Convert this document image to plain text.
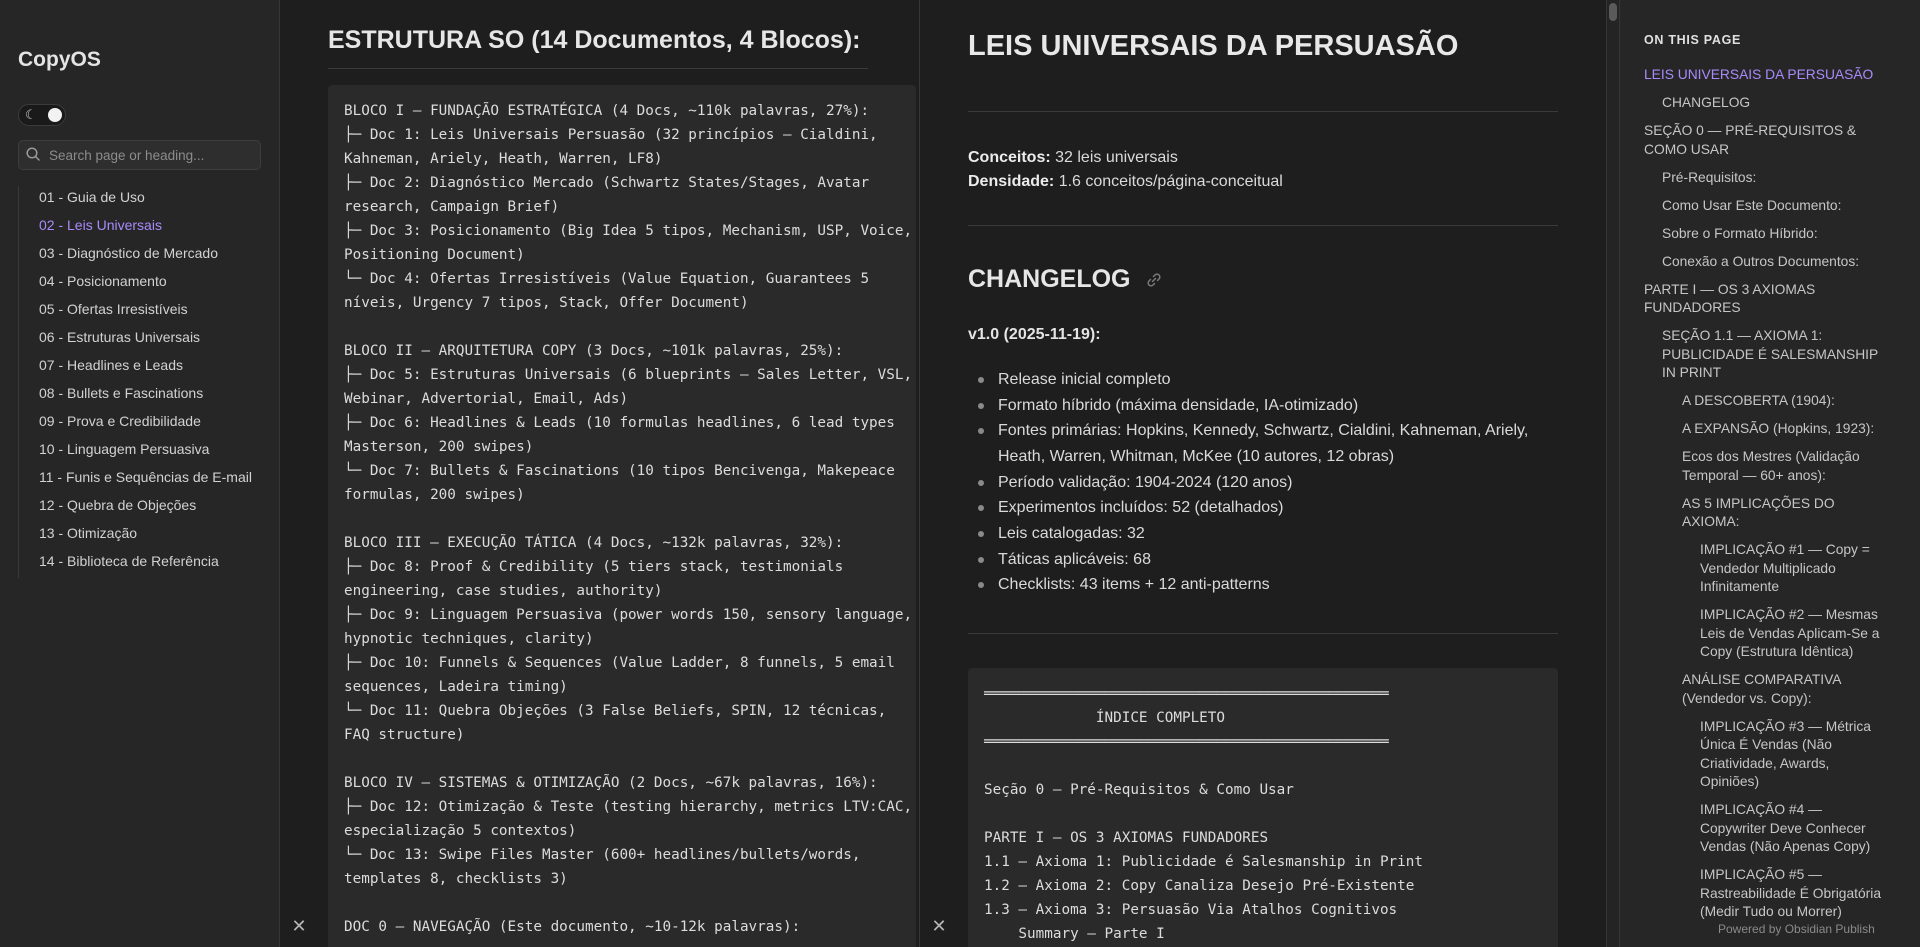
CopyOS
☾
Search page or heading...
01 - Guia de Uso
02 - Leis Universais
03 - Diagnóstico de Mercado
04 - Posicionamento
05 - Ofertas Irresistíveis
06 - Estruturas Universais
07 - Headlines e Leads
08 - Bullets e Fascinations
09 - Prova e Credibilidade
10 - Linguagem Persuasiva
11 - Funis e Sequências de E-mail
12 - Quebra de Objeções
13 - Otimização
14 - Biblioteca de Referência
ESTRUTURA SO (14 Documentos, 4 Blocos):
BLOCO I — FUNDAÇÃO ESTRATÉGICA (4 Docs, ~110k palavras, 27%):
├─ Doc 1: Leis Universais Persuasão (32 princípios — Cialdini,
Kahneman, Ariely, Heath, Warren, LF8)
├─ Doc 2: Diagnóstico Mercado (Schwartz States/Stages, Avatar
research, Campaign Brief)
├─ Doc 3: Posicionamento (Big Idea 5 tipos, Mechanism, USP, Voice,
Positioning Document)
└─ Doc 4: Ofertas Irresistíveis (Value Equation, Guarantees 5
níveis, Urgency 7 tipos, Stack, Offer Document)

BLOCO II — ARQUITETURA COPY (3 Docs, ~101k palavras, 25%):
├─ Doc 5: Estruturas Universais (6 blueprints — Sales Letter, VSL,
Webinar, Advertorial, Email, Ads)
├─ Doc 6: Headlines & Leads (10 formulas headlines, 6 lead types
Masterson, 200 swipes)
└─ Doc 7: Bullets & Fascinations (10 tipos Bencivenga, Makepeace
formulas, 200 swipes)

BLOCO III — EXECUÇÃO TÁTICA (4 Docs, ~132k palavras, 32%):
├─ Doc 8: Proof & Credibility (5 tiers stack, testimonials
engineering, case studies, authority)
├─ Doc 9: Linguagem Persuasiva (power words 150, sensory language,
hypnotic techniques, clarity)
├─ Doc 10: Funnels & Sequences (Value Ladder, 8 funnels, 5 email
sequences, Ladeira timing)
└─ Doc 11: Quebra Objeções (3 False Beliefs, SPIN, 12 técnicas,
FAQ structure)

BLOCO IV — SISTEMAS & OTIMIZAÇÃO (2 Docs, ~67k palavras, 16%):
├─ Doc 12: Otimização & Teste (testing hierarchy, metrics LTV:CAC,
especialização 5 contextos)
└─ Doc 13: Swipe Files Master (600+ headlines/bullets/words,
templates 8, checklists 3)

DOC 0 — NAVEGAÇÃO (Este documento, ~10-12k palavras):
✕
LEIS UNIVERSAIS DA PERSUASÃO
Conceitos: 32 leis universais
Densidade: 1.6 conceitos/página-conceitual
CHANGELOG
v1.0 (2025-11-19):
Release inicial completo
Formato híbrido (máxima densidade, IA-otimizado)
Fontes primárias: Hopkins, Kennedy, Schwartz, Cialdini, Kahneman, Ariely, Heath, Warren, Whitman, McKee (10 autores, 12 obras)
Período validação: 1904-2024 (120 anos)
Experimentos incluídos: 52 (detalhados)
Leis catalogadas: 32
Táticas aplicáveis: 68
Checklists: 43 items + 12 anti-patterns
═══════════════════════════════════════════════
ÍNDICE COMPLETO
═══════════════════════════════════════════════

Seção 0 — Pré-Requisitos & Como Usar

PARTE I — OS 3 AXIOMAS FUNDADORES
1.1 — Axioma 1: Publicidade é Salesmanship in Print
1.2 — Axioma 2: Copy Canaliza Desejo Pré-Existente
1.3 — Axioma 3: Persuasão Via Atalhos Cognitivos
Summary — Parte I
✕
ON THIS PAGE
LEIS UNIVERSAIS DA PERSUASÃO
CHANGELOG
SEÇÃO 0 — PRÉ-REQUISITOS & COMO USAR
Pré-Requisitos:
Como Usar Este Documento:
Sobre o Formato Híbrido:
Conexão a Outros Documentos:
PARTE I — OS 3 AXIOMAS FUNDADORES
SEÇÃO 1.1 — AXIOMA 1: PUBLICIDADE É SALESMANSHIP IN PRINT
A DESCOBERTA (1904):
A EXPANSÃO (Hopkins, 1923):
Ecos dos Mestres (Validação Temporal — 60+ anos):
AS 5 IMPLICAÇÕES DO AXIOMA:
IMPLICAÇÃO #1 — Copy = Vendedor Multiplicado Infinitamente
IMPLICAÇÃO #2 — Mesmas Leis de Vendas Aplicam-Se a Copy (Estrutura Idêntica)
ANÁLISE COMPARATIVA (Vendedor vs. Copy):
IMPLICAÇÃO #3 — Métrica Única É Vendas (Não Criatividade, Awards, Opiniões)
IMPLICAÇÃO #4 — Copywriter Deve Conhecer Vendas (Não Apenas Copy)
IMPLICAÇÃO #5 — Rastreabilidade É Obrigatória (Medir Tudo ou Morrer)
Powered by Obsidian Publish
